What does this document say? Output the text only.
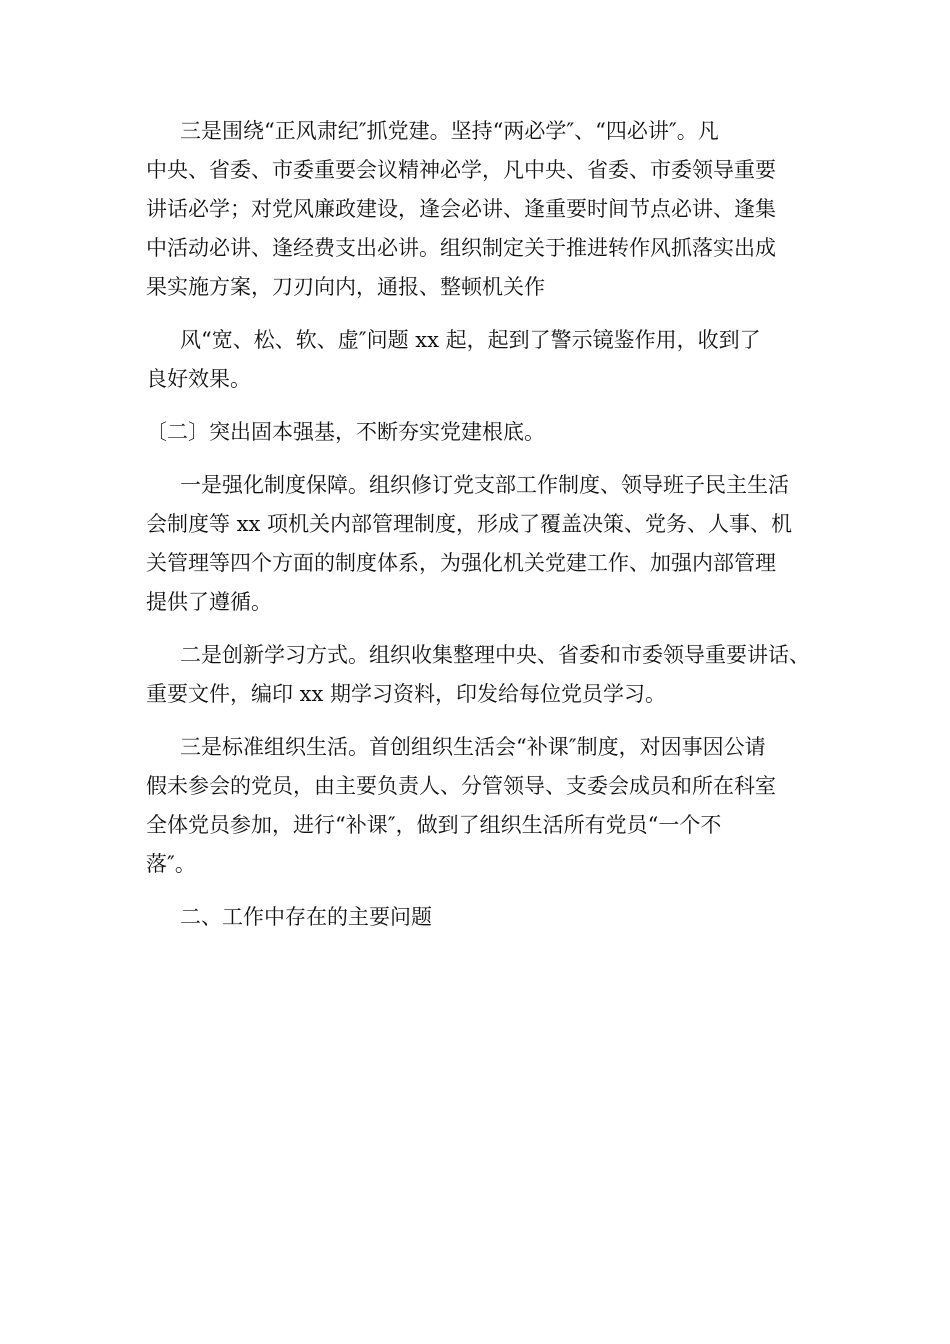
三是围绕“正风肃纪″抓党建。坚持“两必学″、“四必讲″。凡
中央、省委、市委重要会议精神必学，凡中央、省委、市委领导重要
讲话必学；对党风廉政建设，逢会必讲、逢重要时间节点必讲、逢集
中活动必讲、逢经费支出必讲。组织制定关于推进转作风抓落实出成
果实施方案，刀刃向内，通报、整顿机关作
风“宽、松、软、虚″问题 xx 起，起到了警示镜鉴作用，收到了
良好效果。
〔二〕突出固本强基，不断夯实党建根底。
一是强化制度保障。组织修订党支部工作制度、领导班子民主生活
会制度等 xx 项机关内部管理制度，形成了覆盖决策、党务、人事、机
关管理等四个方面的制度体系，为强化机关党建工作、加强内部管理
提供了遵循。
二是创新学习方式。组织收集整理中央、省委和市委领导重要讲话、
重要文件，编印 xx 期学习资料，印发给每位党员学习。
三是标准组织生活。首创组织生活会“补课″制度，对因事因公请
假未参会的党员，由主要负责人、分管领导、支委会成员和所在科室
全体党员参加，进行“补课″，做到了组织生活所有党员“一个不
落″。
二、工作中存在的主要问题
